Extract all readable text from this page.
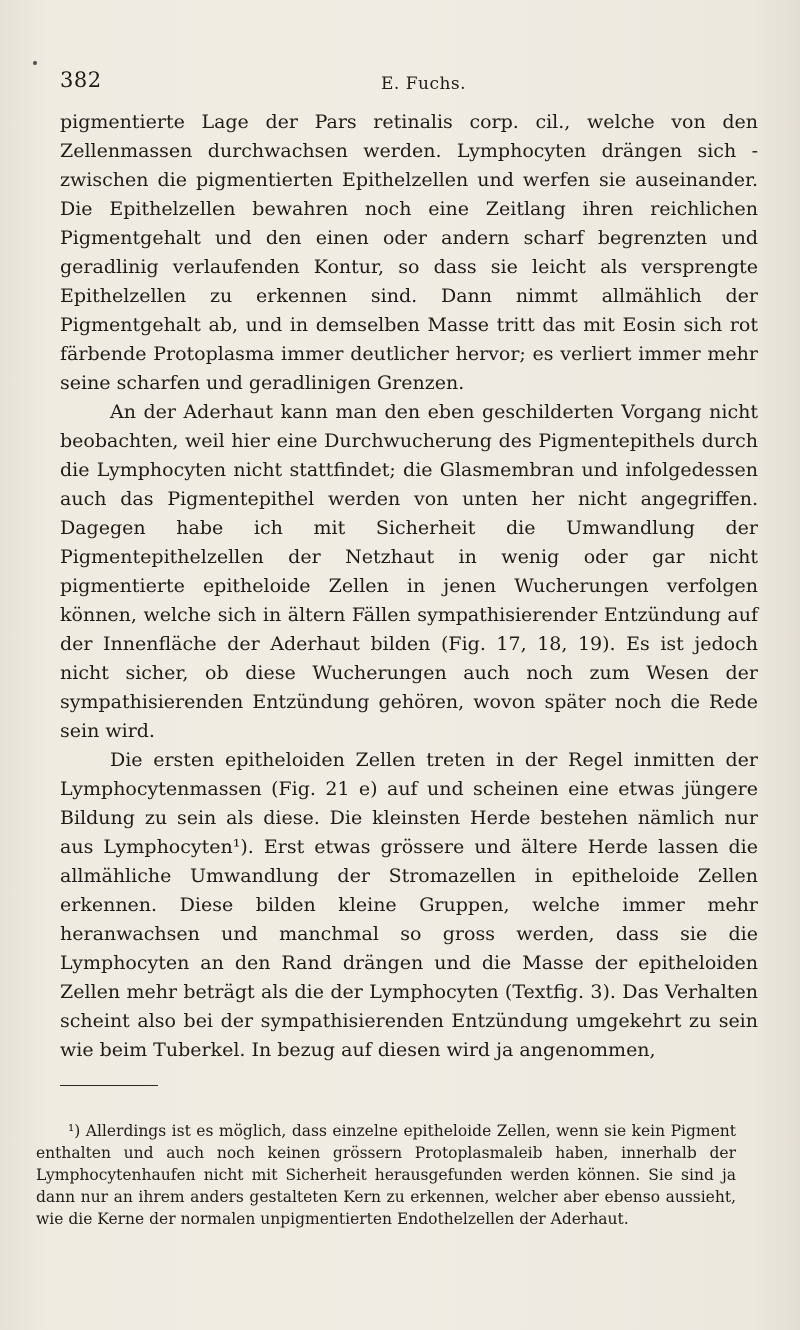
382	E. Fuchs.

pigmentierte Lage der Pars retinalis corp. cil., welche von den Zellenmassen durchwachsen werden. Lymphocyten drängen sich - zwischen die pigmentierten Epithelzellen und werfen sie auseinander. Die Epithelzellen bewahren noch eine Zeitlang ihren reichlichen Pigmentgehalt und den einen oder andern scharf begrenzten und geradlinig verlaufenden Kontur, so dass sie leicht als versprengte Epithelzellen zu erkennen sind. Dann nimmt allmählich der Pigmentgehalt ab, und in demselben Masse tritt das mit Eosin sich rot färbende Protoplasma immer deutlicher hervor; es verliert immer mehr seine scharfen und geradlinigen Grenzen.

An der Aderhaut kann man den eben geschilderten Vorgang nicht beobachten, weil hier eine Durchwucherung des Pigmentepithels durch die Lymphocyten nicht stattfindet; die Glasmembran und infolgedessen auch das Pigmentepithel werden von unten her nicht angegriffen. Dagegen habe ich mit Sicherheit die Umwandlung der Pigmentepithelzellen der Netzhaut in wenig oder gar nicht pigmentierte epitheloide Zellen in jenen Wucherungen verfolgen können, welche sich in ältern Fällen sympathisierender Entzündung auf der Innenfläche der Aderhaut bilden (Fig. 17, 18, 19). Es ist jedoch nicht sicher, ob diese Wucherungen auch noch zum Wesen der sympathisierenden Entzündung gehören, wovon später noch die Rede sein wird.

Die ersten epitheloiden Zellen treten in der Regel inmitten der Lymphocytenmassen (Fig. 21 e) auf und scheinen eine etwas jüngere Bildung zu sein als diese. Die kleinsten Herde bestehen nämlich nur aus Lymphocyten¹). Erst etwas grössere und ältere Herde lassen die allmähliche Umwandlung der Stromazellen in epitheloide Zellen erkennen. Diese bilden kleine Gruppen, welche immer mehr heranwachsen und manchmal so gross werden, dass sie die Lymphocyten an den Rand drängen und die Masse der epitheloiden Zellen mehr beträgt als die der Lymphocyten (Textfig. 3). Das Verhalten scheint also bei der sympathisierenden Entzündung umgekehrt zu sein wie beim Tuberkel. In bezug auf diesen wird ja angenommen,

¹) Allerdings ist es möglich, dass einzelne epitheloide Zellen, wenn sie kein Pigment enthalten und auch noch keinen grössern Protoplasmaleib haben, innerhalb der Lymphocytenhaufen nicht mit Sicherheit herausgefunden werden können. Sie sind ja dann nur an ihrem anders gestalteten Kern zu erkennen, welcher aber ebenso aussieht, wie die Kerne der normalen unpigmentierten Endothelzellen der Aderhaut.
